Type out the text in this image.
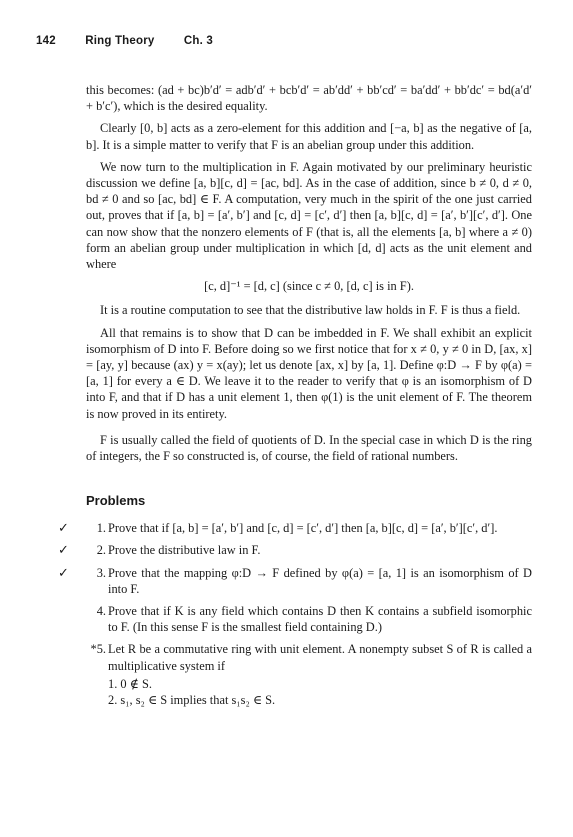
142	Ring Theory	Ch. 3

this becomes: (ad + bc)b′d′ = adb′d′ + bcb′d′ = ab′dd′ + bb′cd′ = ba′dd′ + bb′dc′ = bd(a′d′ + b′c′), which is the desired equality.

Clearly [0, b] acts as a zero-element for this addition and [−a, b] as the negative of [a, b]. It is a simple matter to verify that F is an abelian group under this addition.

We now turn to the multiplication in F. Again motivated by our preliminary heuristic discussion we define [a, b][c, d] = [ac, bd]. As in the case of addition, since b ≠ 0, d ≠ 0, bd ≠ 0 and so [ac, bd] ∈ F. A computation, very much in the spirit of the one just carried out, proves that if [a, b] = [a′, b′] and [c, d] = [c′, d′] then [a, b][c, d] = [a′, b′][c′, d′]. One can now show that the nonzero elements of F (that is, all the elements [a, b] where a ≠ 0) form an abelian group under multiplication in which [d, d] acts as the unit element and where

[c, d]⁻¹ = [d, c] (since c ≠ 0, [d, c] is in F).

It is a routine computation to see that the distributive law holds in F. F is thus a field.

All that remains is to show that D can be imbedded in F. We shall exhibit an explicit isomorphism of D into F. Before doing so we first notice that for x ≠ 0, y ≠ 0 in D, [ax, x] = [ay, y] because (ax) y = x(ay); let us denote [ax, x] by [a, 1]. Define φ:D → F by φ(a) = [a, 1] for every a ∈ D. We leave it to the reader to verify that φ is an isomorphism of D into F, and that if D has a unit element 1, then φ(1) is the unit element of F. The theorem is now proved in its entirety.

F is usually called the field of quotients of D. In the special case in which D is the ring of integers, the F so constructed is, of course, the field of rational numbers.

Problems
✓	1. Prove that if [a, b] = [a′, b′] and [c, d] = [c′, d′] then [a, b][c, d] = [a′, b′][c′, d′].
✓	2. Prove the distributive law in F.
✓	3. Prove that the mapping φ:D → F defined by φ(a) = [a, 1] is an isomorphism of D into F.
4. Prove that if K is any field which contains D then K contains a subfield isomorphic to F. (In this sense F is the smallest field containing D.)
*5. Let R be a commutative ring with unit element. A nonempty subset S of R is called a multiplicative system if
1. 0 ∉ S.
2. s₁, s₂ ∈ S implies that s₁s₂ ∈ S.
